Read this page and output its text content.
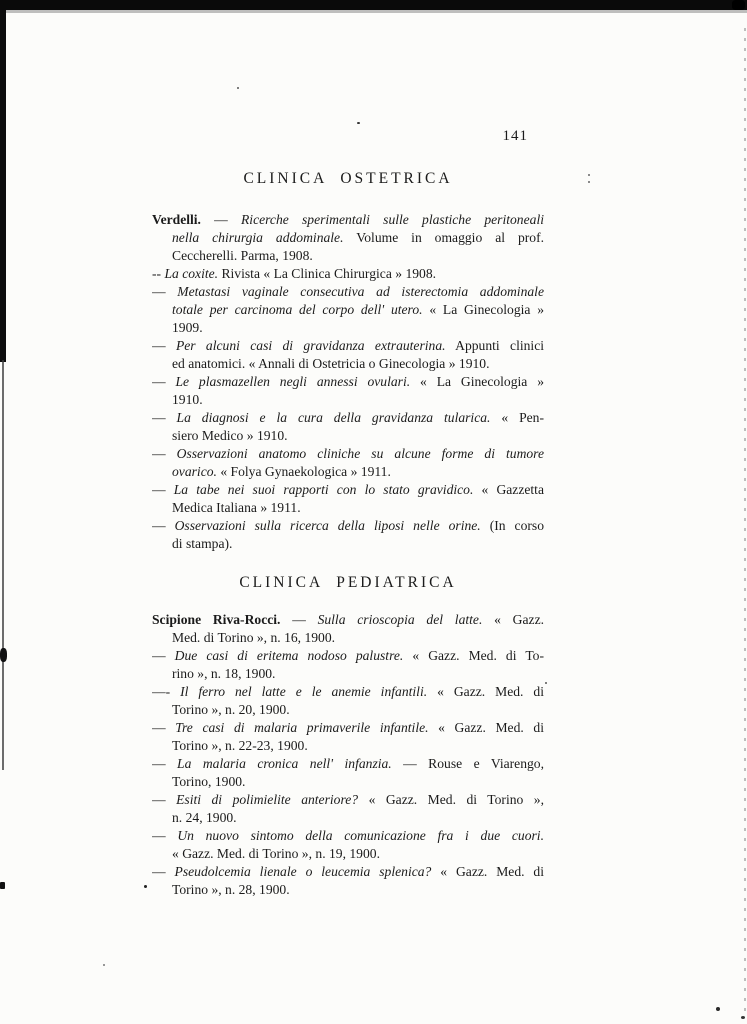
141
CLINICA OSTETRICA
Verdelli. — Ricerche sperimentali sulle plastiche peritoneali
nella chirurgia addominale. Volume in omaggio al prof.
Ceccherelli. Parma, 1908.
-- La coxite. Rivista « La Clinica Chirurgica » 1908.
— Metastasi vaginale consecutiva ad isterectomia addominale
totale per carcinoma del corpo dell' utero. « La Ginecologia »
1909.
— Per alcuni casi di gravidanza extrauterina. Appunti clinici
ed anatomici. « Annali di Ostetricia o Ginecologia » 1910.
— Le plasmazellen negli annessi ovulari. « La Ginecologia »
1910.
— La diagnosi e la cura della gravidanza tularica. « Pen-
siero Medico » 1910.
— Osservazioni anatomo cliniche su alcune forme di tumore
ovarico. « Folya Gynaekologica » 1911.
— La tabe nei suoi rapporti con lo stato gravidico. « Gazzetta
Medica Italiana » 1911.
— Osservazioni sulla ricerca della liposi nelle orine. (In corso
di stampa).
CLINICA PEDIATRICA
Scipione Riva-Rocci. — Sulla crioscopia del latte. « Gazz.
Med. di Torino », n. 16, 1900.
— Due casi di eritema nodoso palustre. « Gazz. Med. di To-
rino », n. 18, 1900.
—- Il ferro nel latte e le anemie infantili. « Gazz. Med. di
Torino », n. 20, 1900.
— Tre casi di malaria primaverile infantile. « Gazz. Med. di
Torino », n. 22-23, 1900.
— La malaria cronica nell' infanzia. — Rouse e Viarengo,
Torino, 1900.
— Esiti di polimielite anteriore? « Gazz. Med. di Torino »,
n. 24, 1900.
— Un nuovo sintomo della comunicazione fra i due cuori.
« Gazz. Med. di Torino », n. 19, 1900.
— Pseudolcemia lienale o leucemia splenica? « Gazz. Med. di
Torino », n. 28, 1900.
